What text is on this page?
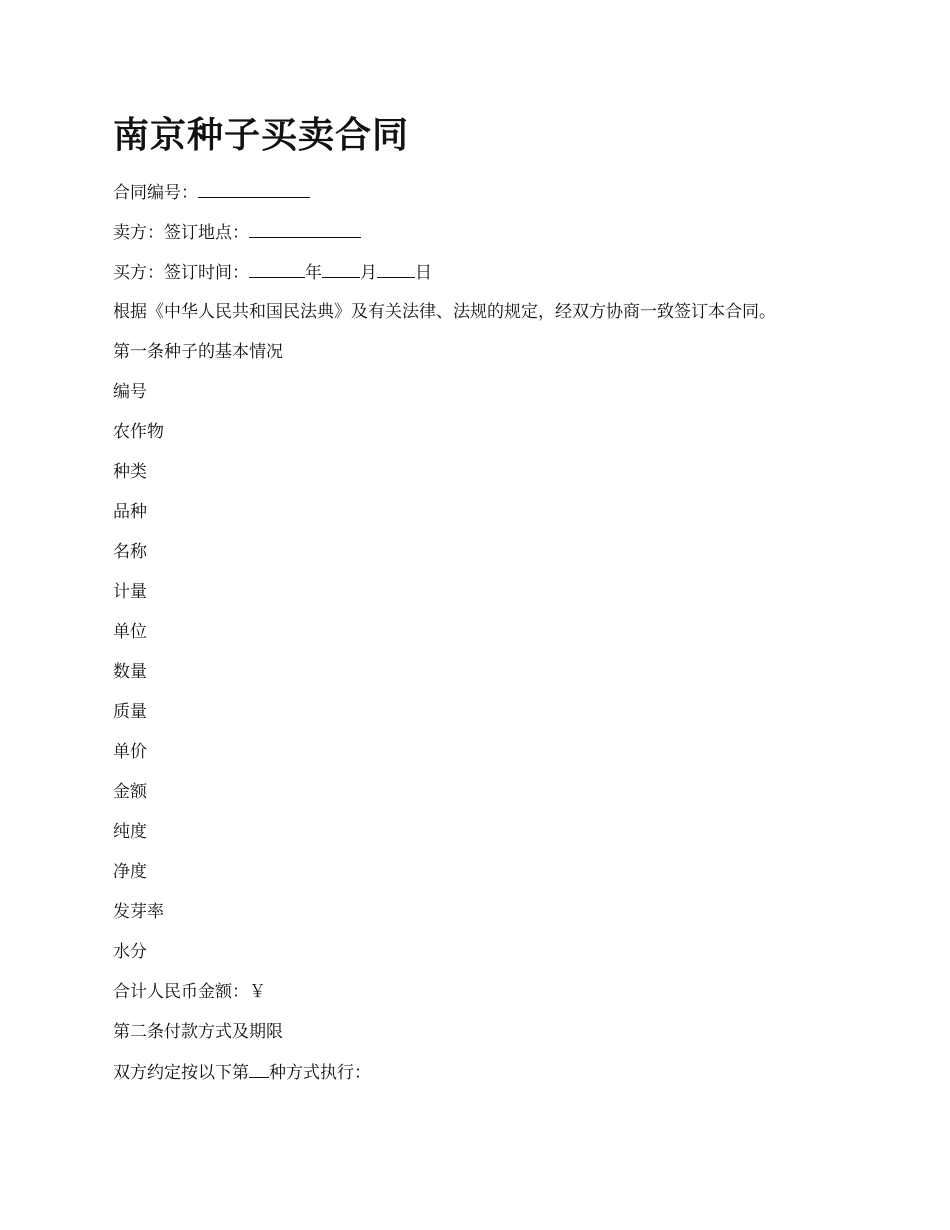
南京种子买卖合同
合同编号：
卖方：签订地点：
买方：签订时间：	年 月 日
根据《中华人民共和国民法典》及有关法律、法规的规定，经双方协商一致签订本合同。
第一条种子的基本情况
编号
农作物
种类
品种
名称
计量
单位
数量
质量
单价
金额
纯度
净度
发芽率
水分
合计人民币金额：￥
第二条付款方式及期限
双方约定按以下第 种方式执行：
